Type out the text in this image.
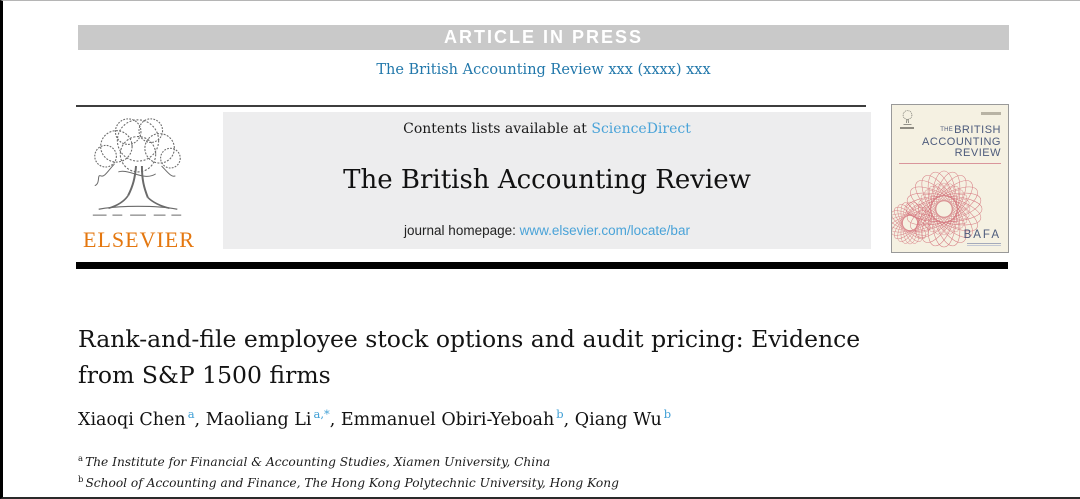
ARTICLE IN PRESS
The British Accounting Review xxx (xxxx) xxx
ELSEVIER
Contents lists available at ScienceDirect
The British Accounting Review
journal homepage: www.elsevier.com/locate/bar
THEBRITISH
ACCOUNTING
REVIEW
BAFA
Rank-and-file employee stock options and audit pricing: Evidence
from S&P 1500 firms
Xiaoqi Chen $^a$, Maoliang Li $^{a,*}$, Emmanuel Obiri-Yeboah $^b$, Qiang Wu $^b$
$^a$ The Institute for Financial & Accounting Studies, Xiamen University, China
$^b$ School of Accounting and Finance, The Hong Kong Polytechnic University, Hong Kong
